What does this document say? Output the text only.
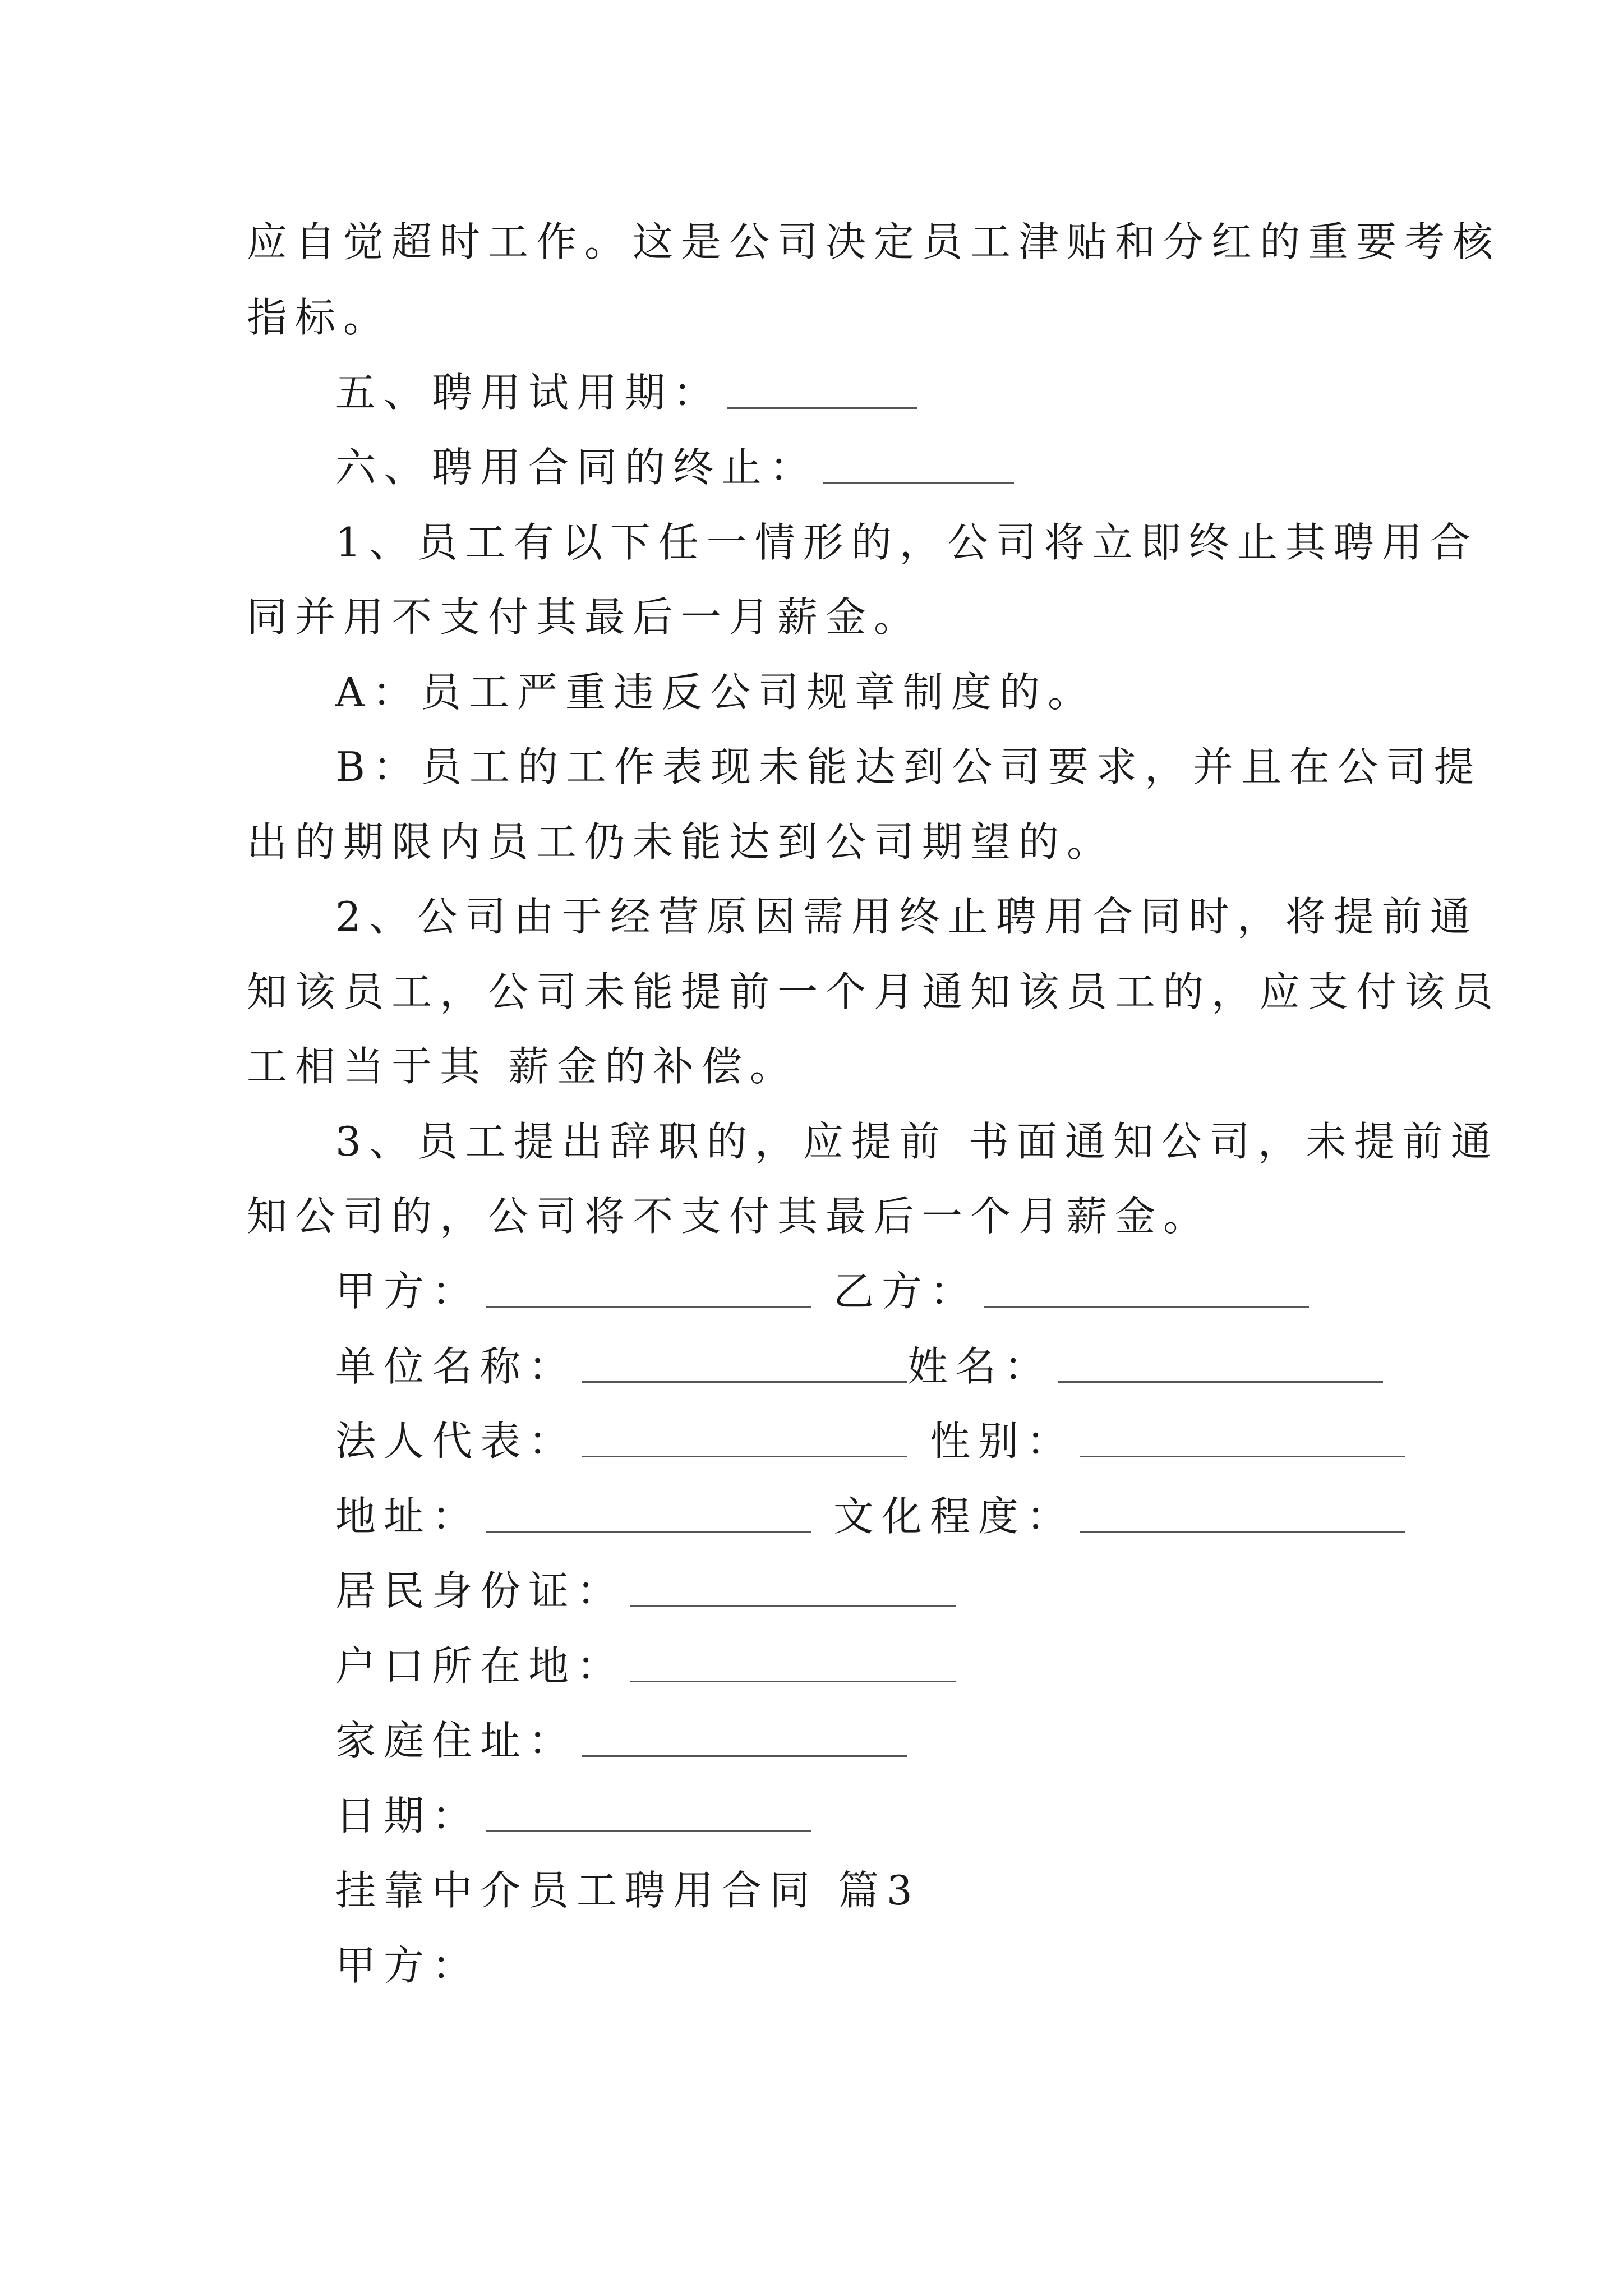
应自觉超时工作。这是公司决定员工津贴和分红的重要考核

指标。

五、聘用试用期：

六、聘用合同的终止：

1、员工有以下任一情形的，公司将立即终止其聘用合

同并用不支付其最后一月薪金。

A：员工严重违反公司规章制度的。

B：员工的工作表现未能达到公司要求，并且在公司提

出的期限内员工仍未能达到公司期望的。

2、公司由于经营原因需用终止聘用合同时，将提前通

知该员工，公司未能提前一个月通知该员工的，应支付该员

工相当于其 薪金的补偿。

3、员工提出辞职的，应提前 书面通知公司，未提前通

知公司的，公司将不支付其最后一个月薪金。

甲方：	乙方：

单位名称：	姓名：

法人代表：	性别：

地址：	文化程度：

居民身份证：

户口所在地：

家庭住址：

日期：

挂靠中介员工聘用合同 篇3

甲方：
